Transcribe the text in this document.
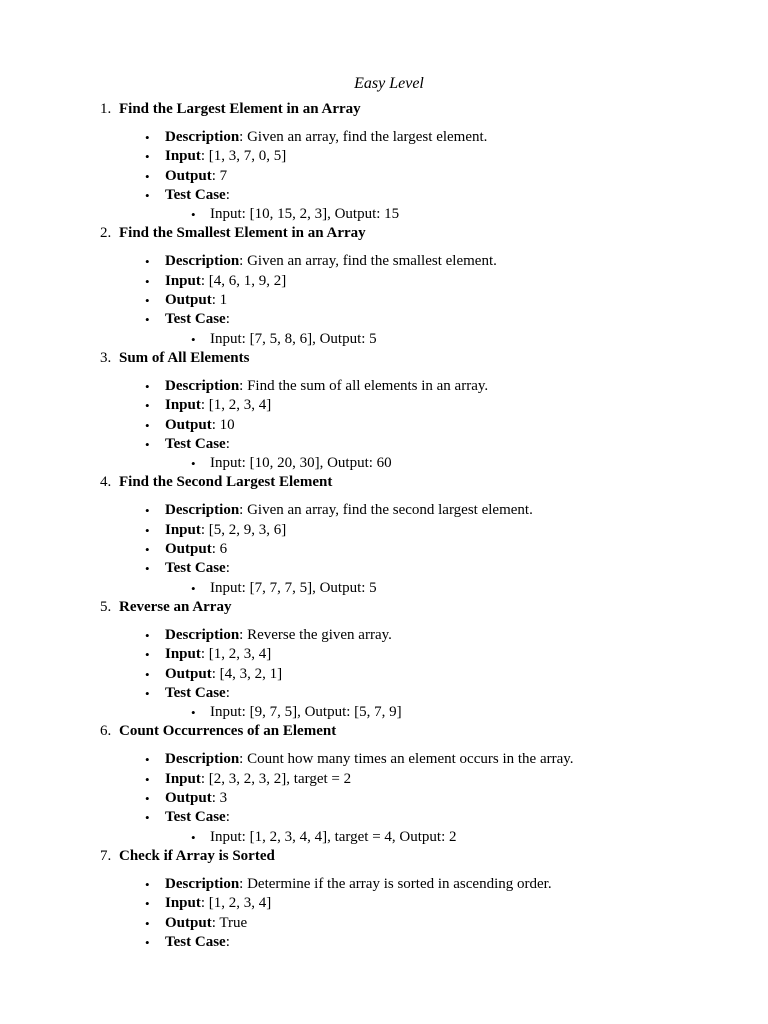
Easy Level
1. Find the Largest Element in an Array
• Description: Given an array, find the largest element.
• Input: [1, 3, 7, 0, 5]
• Output: 7
• Test Case:
• Input: [10, 15, 2, 3], Output: 15
2. Find the Smallest Element in an Array
• Description: Given an array, find the smallest element.
• Input: [4, 6, 1, 9, 2]
• Output: 1
• Test Case:
• Input: [7, 5, 8, 6], Output: 5
3. Sum of All Elements
• Description: Find the sum of all elements in an array.
• Input: [1, 2, 3, 4]
• Output: 10
• Test Case:
• Input: [10, 20, 30], Output: 60
4. Find the Second Largest Element
• Description: Given an array, find the second largest element.
• Input: [5, 2, 9, 3, 6]
• Output: 6
• Test Case:
• Input: [7, 7, 7, 5], Output: 5
5. Reverse an Array
• Description: Reverse the given array.
• Input: [1, 2, 3, 4]
• Output: [4, 3, 2, 1]
• Test Case:
• Input: [9, 7, 5], Output: [5, 7, 9]
6. Count Occurrences of an Element
• Description: Count how many times an element occurs in the array.
• Input: [2, 3, 2, 3, 2], target = 2
• Output: 3
• Test Case:
• Input: [1, 2, 3, 4, 4], target = 4, Output: 2
7. Check if Array is Sorted
• Description: Determine if the array is sorted in ascending order.
• Input: [1, 2, 3, 4]
• Output: True
• Test Case:
